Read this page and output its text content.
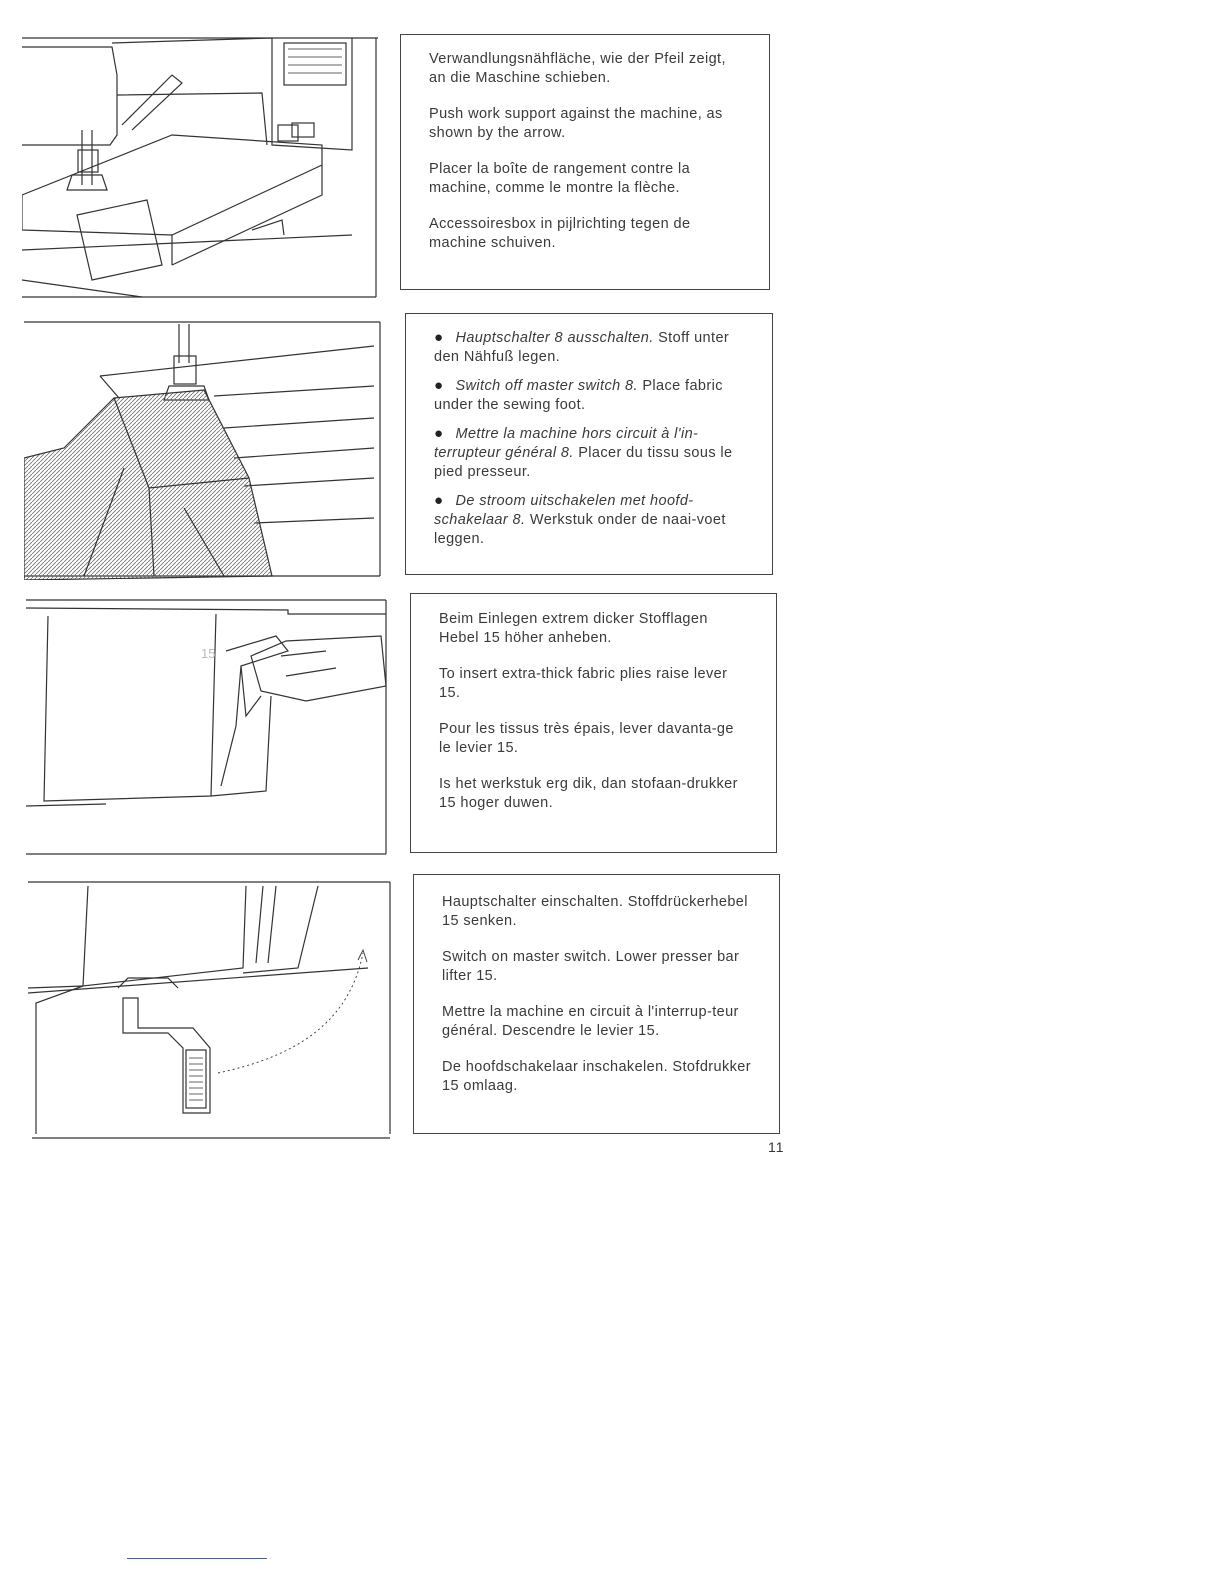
Verwandlungsnähfläche, wie der Pfeil zeigt, an die Maschine schieben.

Push work support against the machine, as shown by the arrow.

Placer la boîte de rangement contre la machine, comme le montre la flèche.

Accessoiresbox in pijlrichting tegen de machine schuiven.

● Hauptschalter 8 ausschalten. Stoff unter den Nähfuß legen.

● Switch off master switch 8. Place fabric under the sewing foot.

● Mettre la machine hors circuit à l'in-terrupteur général 8. Placer du tissu sous le pied presseur.

● De stroom uitschakelen met hoofd-schakelaar 8. Werkstuk onder de naai-voet leggen.

15

Beim Einlegen extrem dicker Stofflagen Hebel 15 höher anheben.

To insert extra-thick fabric plies raise lever 15.

Pour les tissus très épais, lever davanta-ge le levier 15.

Is het werkstuk erg dik, dan stofaan-drukker 15 hoger duwen.

Hauptschalter einschalten. Stoffdrückerhebel 15 senken.

Switch on master switch. Lower presser bar lifter 15.

Mettre la machine en circuit à l'interrup-teur général. Descendre le levier 15.

De hoofdschakelaar inschakelen. Stofdrukker 15 omlaag.

11
